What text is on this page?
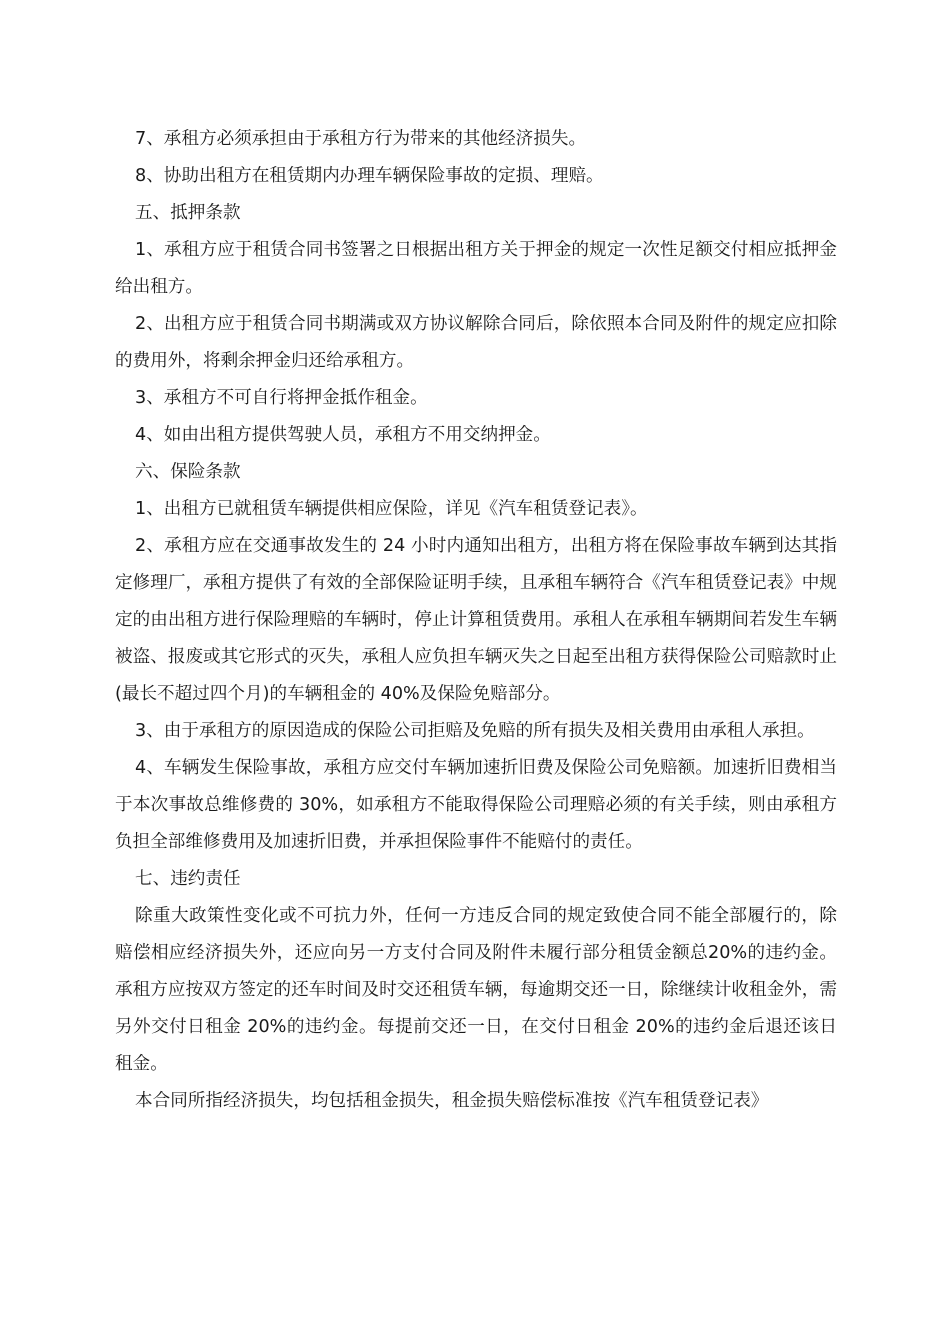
7、承租方必须承担由于承租方行为带来的其他经济损失。

8、协助出租方在租赁期内办理车辆保险事故的定损、理赔。

五、抵押条款

1、承租方应于租赁合同书签署之日根据出租方关于押金的规定一次性足额交付相应抵押金给出租方。

2、出租方应于租赁合同书期满或双方协议解除合同后，除依照本合同及附件的规定应扣除的费用外，将剩余押金归还给承租方。

3、承租方不可自行将押金抵作租金。

4、如由出租方提供驾驶人员，承租方不用交纳押金。

六、保险条款

1、出租方已就租赁车辆提供相应保险，详见《汽车租赁登记表》。

2、承租方应在交通事故发生的 24 小时内通知出租方，出租方将在保险事故车辆到达其指定修理厂，承租方提供了有效的全部保险证明手续，且承租车辆符合《汽车租赁登记表》中规定的由出租方进行保险理赔的车辆时，停止计算租赁费用。承租人在承租车辆期间若发生车辆被盗、报废或其它形式的灭失，承租人应负担车辆灭失之日起至出租方获得保险公司赔款时止(最长不超过四个月)的车辆租金的 40%及保险免赔部分。

3、由于承租方的原因造成的保险公司拒赔及免赔的所有损失及相关费用由承租人承担。

4、车辆发生保险事故，承租方应交付车辆加速折旧费及保险公司免赔额。加速折旧费相当于本次事故总维修费的 30%，如承租方不能取得保险公司理赔必须的有关手续，则由承租方负担全部维修费用及加速折旧费，并承担保险事件不能赔付的责任。

七、违约责任

除重大政策性变化或不可抗力外，任何一方违反合同的规定致使合同不能全部履行的，除赔偿相应经济损失外，还应向另一方支付合同及附件未履行部分租赁金额总20%的违约金。承租方应按双方签定的还车时间及时交还租赁车辆，每逾期交还一日，除继续计收租金外，需另外交付日租金 20%的违约金。每提前交还一日，在交付日租金 20%的违约金后退还该日租金。

本合同所指经济损失，均包括租金损失，租金损失赔偿标准按《汽车租赁登记表》
